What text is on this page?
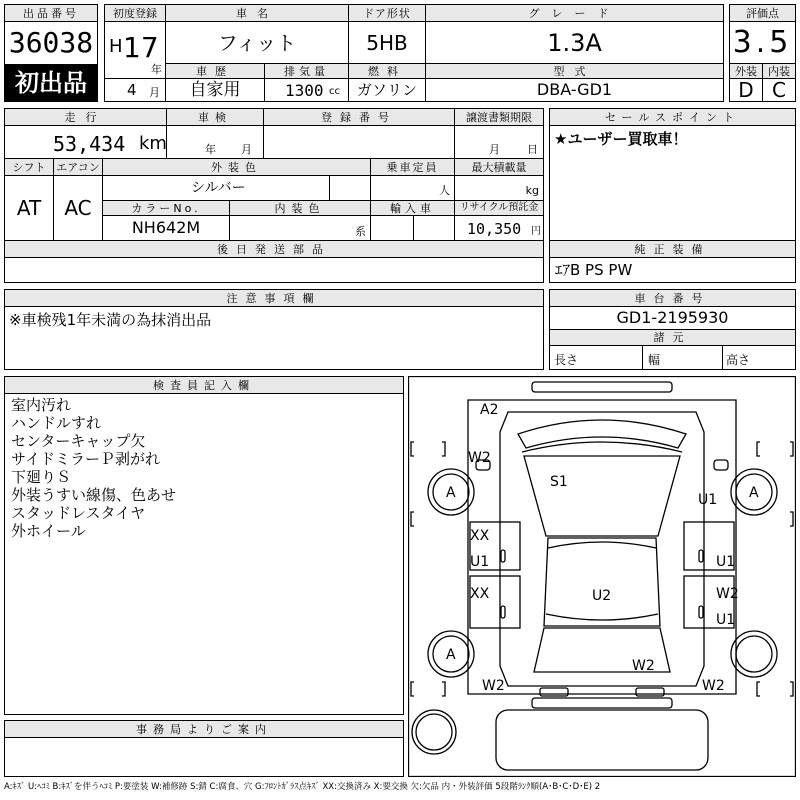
出品番号
36038
初出品
初度登録
H 17
年
4 月
車名
フィット
車歴
自家用
排気量
1300 cc
ドア形状
5HB
燃料
ガソリン
グレード
1.3A
型式
DBA-GD1
評価点
3.5
外装	内装
D C
走行
53,434 km
車検
年 月
登録番号	譲渡書類期限
月 日
シフト
AT
エアコン
AC
外装色
シルバー
乗車定員
人
最大積載量
kg
カラーNo.
NH642M
内装色
系
輸入車	リサイクル預託金
10,350 円
後日発送部品
セールスポイント
★ユーザー買取車！
純正装備
ｴｱB PS PW
注意事項欄
※車検残1年未満の為抹消出品
車台番号
GD1-2195930
諸元
長さ	幅	高さ
検査員記入欄
室内汚れ
ハンドルすれ
センターキャップ欠
サイドミラーＰ剥がれ
下廻りＳ
外装うすい線傷、色あせ
スタッドレスタイヤ
外ホイール
事務局よりご案内
A2
W2
S1
A	U1 A
XX
U1	U1
XX	U2	W2
U1
A
W2
W2	W2
A:ｷｽﾞ U:ﾍｺﾐ B:ｷｽﾞを伴うﾍｺﾐ P:要塗装 W:補修跡 S:錆 C:腐食、穴 G:ﾌﾛﾝﾄｶﾞﾗｽ点ｷｽﾞ XX:交換済み X:要交換 欠:欠品 内・外装評価 5段階ﾗﾝｸ順(A･B･C･D･E) 2
